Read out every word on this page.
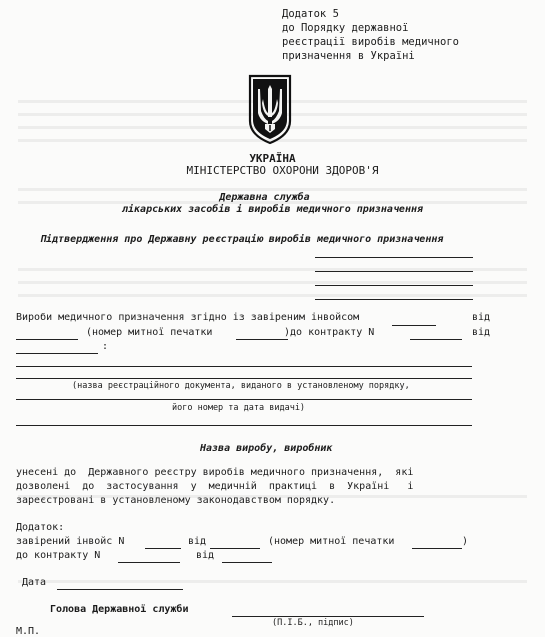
Додаток 5
до Порядку державної
реєстрації виробів медичного
призначення в Україні
УКРАЇНА
МІНІСТЕРСТВО ОХОРОНИ ЗДОРОВ'Я
Державна служба
лікарських засобів і виробів медичного призначення
Підтвердження про Державну реєстрацію виробів медичного призначення
Вироби медичного призначення згідно із завіреним інвойсом	від
(номер митної печатки	)до контракту N	від
:
(назва реєстраційного документа, виданого в установленому порядку,
його номер та дата видачі)
Назва виробу, виробник
унесені до  Державного реєстру виробів медичного призначення,  які
дозволені  до  застосування  у  медичній  практиці  в  Україні   і
зареєстровані в установленому законодавством порядку.
Додаток:
завірений інвойс N	від	(номер митної печатки	)
до контракту N	від
Дата
Голова Державної служби
(П.І.Б., підпис)
М.П.
